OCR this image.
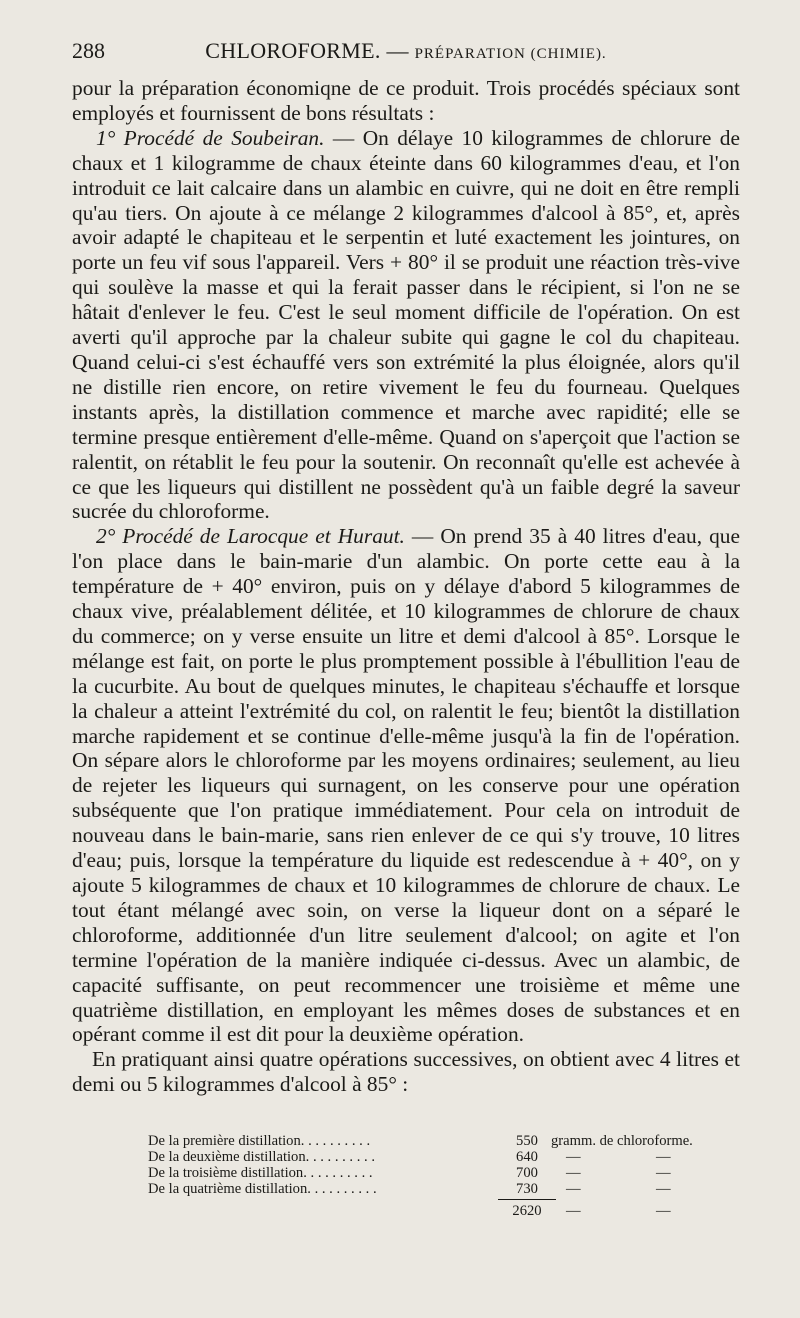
288	CHLOROFORME. — PRÉPARATION (CHIMIE).

pour la préparation économiqne de ce produit. Trois procédés spéciaux sont employés et fournissent de bons résultats :

1° Procédé de Soubeiran. — On délaye 10 kilogrammes de chlorure de chaux et 1 kilogramme de chaux éteinte dans 60 kilogrammes d'eau, et l'on introduit ce lait calcaire dans un alambic en cuivre, qui ne doit en être rempli qu'au tiers. On ajoute à ce mélange 2 kilogrammes d'alcool à 85°, et, après avoir adapté le chapiteau et le serpentin et luté exactement les jointures, on porte un feu vif sous l'appareil. Vers + 80° il se produit une réaction très-vive qui soulève la masse et qui la ferait passer dans le récipient, si l'on ne se hâtait d'enlever le feu. C'est le seul moment difficile de l'opération. On est averti qu'il approche par la chaleur subite qui gagne le col du chapiteau. Quand celui-ci s'est échauffé vers son extrémité la plus éloignée, alors qu'il ne distille rien encore, on retire vivement le feu du fourneau. Quelques instants après, la distillation commence et marche avec rapidité; elle se termine presque entièrement d'elle-même. Quand on s'aperçoit que l'action se ralentit, on rétablit le feu pour la soutenir. On reconnaît qu'elle est achevée à ce que les liqueurs qui distillent ne possèdent qu'à un faible degré la saveur sucrée du chloroforme.

2° Procédé de Larocque et Huraut. — On prend 35 à 40 litres d'eau, que l'on place dans le bain-marie d'un alambic. On porte cette eau à la température de + 40° environ, puis on y délaye d'abord 5 kilogrammes de chaux vive, préalablement délitée, et 10 kilogrammes de chlorure de chaux du commerce; on y verse ensuite un litre et demi d'alcool à 85°. Lorsque le mélange est fait, on porte le plus promptement possible à l'ébullition l'eau de la cucurbite. Au bout de quelques minutes, le chapiteau s'échauffe et lorsque la chaleur a atteint l'extrémité du col, on ralentit le feu; bientôt la distillation marche rapidement et se continue d'elle-même jusqu'à la fin de l'opération. On sépare alors le chloroforme par les moyens ordinaires; seulement, au lieu de rejeter les liqueurs qui surnagent, on les conserve pour une opération subséquente que l'on pratique immédiatement. Pour cela on introduit de nouveau dans le bain-marie, sans rien enlever de ce qui s'y trouve, 10 litres d'eau; puis, lorsque la température du liquide est redescendue à + 40°, on y ajoute 5 kilogrammes de chaux et 10 kilogrammes de chlorure de chaux. Le tout étant mélangé avec soin, on verse la liqueur dont on a séparé le chloroforme, additionnée d'un litre seulement d'alcool; on agite et l'on termine l'opération de la manière indiquée ci-dessus. Avec un alambic, de capacité suffisante, on peut recommencer une troisième et même une quatrième distillation, en employant les mêmes doses de substances et en opérant comme il est dit pour la deuxième opération.

En pratiquant ainsi quatre opérations successives, on obtient avec 4 litres et demi ou 5 kilogrammes d'alcool à 85° :

De la première distillation. . . . . . . . . .	550 gramm. de chloroforme.
De la deuxième distillation. . . . . . . . . .	640 —	—
De la troisième distillation. . . . . . . . . .	700 —	—
De la quatrième distillation. . . . . . . . . .	730 —	—
2620 —	—
